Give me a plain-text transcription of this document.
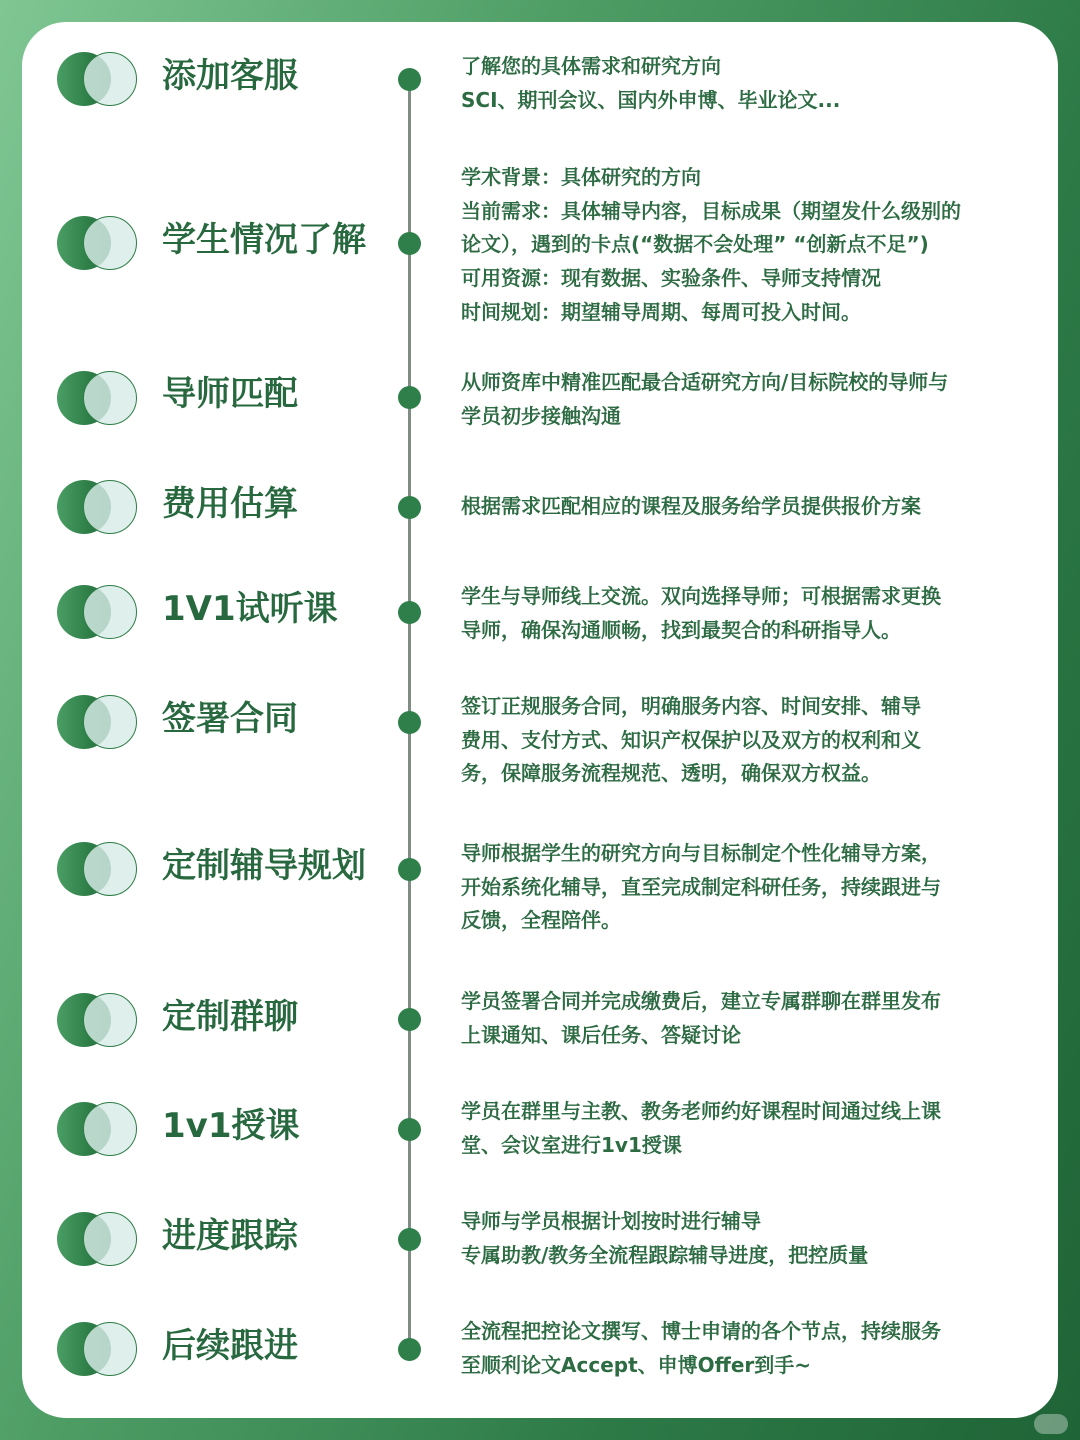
添加客服	了解您的具体需求和研究方向
SCI、期刊会议、国内外申博、毕业论文...
学生情况了解
学术背景：具体研究的方向
当前需求：具体辅导内容，目标成果（期望发什么级别的
论文），遇到的卡点(“数据不会处理” “创新点不足”)
可用资源：现有数据、实验条件、导师支持情况
时间规划：期望辅导周期、每周可投入时间。
导师匹配	从师资库中精准匹配最合适研究方向/目标院校的导师与
学员初步接触沟通
费用估算	根据需求匹配相应的课程及服务给学员提供报价方案
1V1试听课	学生与导师线上交流。双向选择导师；可根据需求更换
导师，确保沟通顺畅，找到最契合的科研指导人。
签署合同	签订正规服务合同，明确服务内容、时间安排、辅导
费用、支付方式、知识产权保护以及双方的权利和义
务，保障服务流程规范、透明，确保双方权益。
定制辅导规划	导师根据学生的研究方向与目标制定个性化辅导方案，
开始系统化辅导，直至完成制定科研任务，持续跟进与
反馈，全程陪伴。
定制群聊	学员签署合同并完成缴费后，建立专属群聊在群里发布
上课通知、课后任务、答疑讨论
1v1授课	学员在群里与主教、教务老师约好课程时间通过线上课
堂、会议室进行1v1授课
进度跟踪	导师与学员根据计划按时进行辅导
专属助教/教务全流程跟踪辅导进度，把控质量
后续跟进	全流程把控论文撰写、博士申请的各个节点，持续服务
至顺利论文Accept、申博Offer到手~
